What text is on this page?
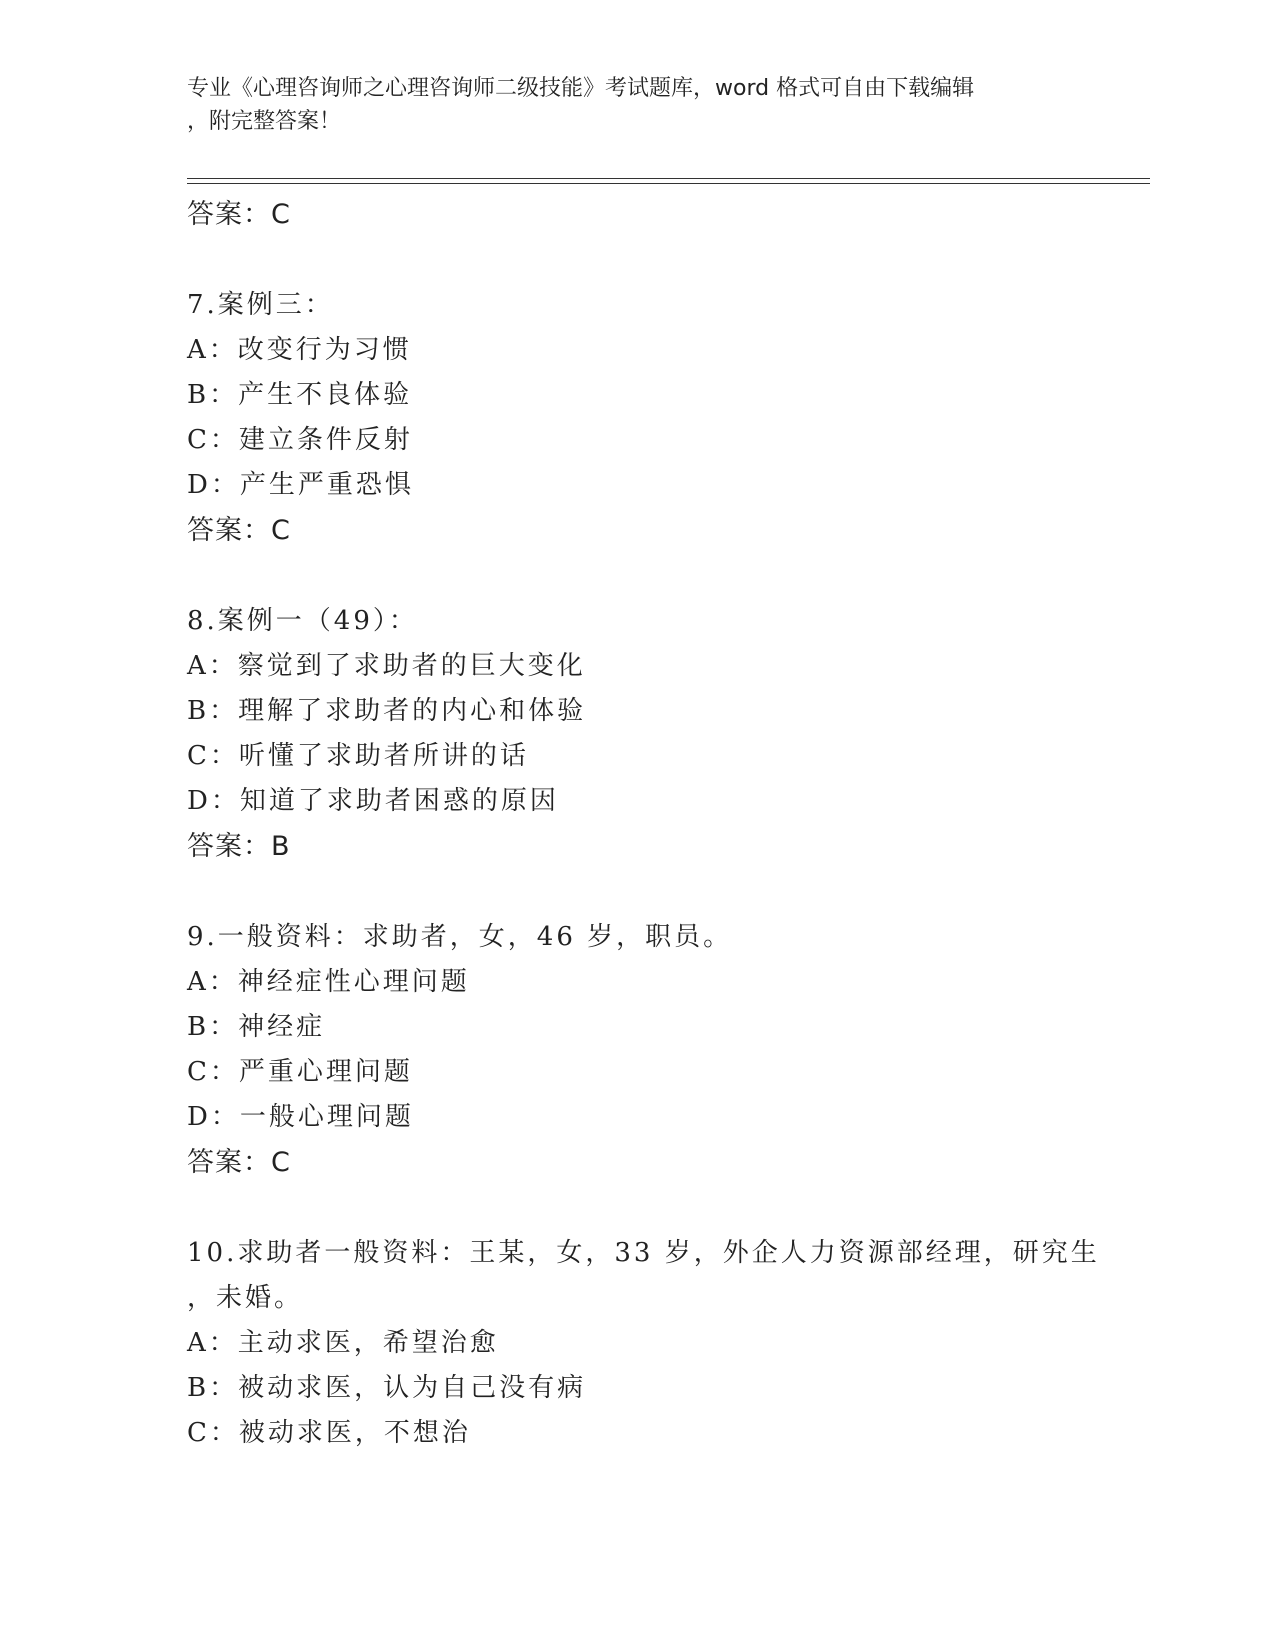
专业《心理咨询师之心理咨询师二级技能》考试题库，word 格式可自由下载编辑
，附完整答案！
答案：C
7.案例三：
A：改变行为习惯
B：产生不良体验
C：建立条件反射
D：产生严重恐惧
答案：C
8.案例一（49）：
A：察觉到了求助者的巨大变化
B：理解了求助者的内心和体验
C：听懂了求助者所讲的话
D：知道了求助者困惑的原因
答案：B
9.一般资料：求助者，女，46 岁，职员。
A：神经症性心理问题
B：神经症
C：严重心理问题
D：一般心理问题
答案：C
10.求助者一般资料：王某，女，33 岁，外企人力资源部经理，研究生
，未婚。
A：主动求医，希望治愈
B：被动求医，认为自己没有病
C：被动求医，不想治
